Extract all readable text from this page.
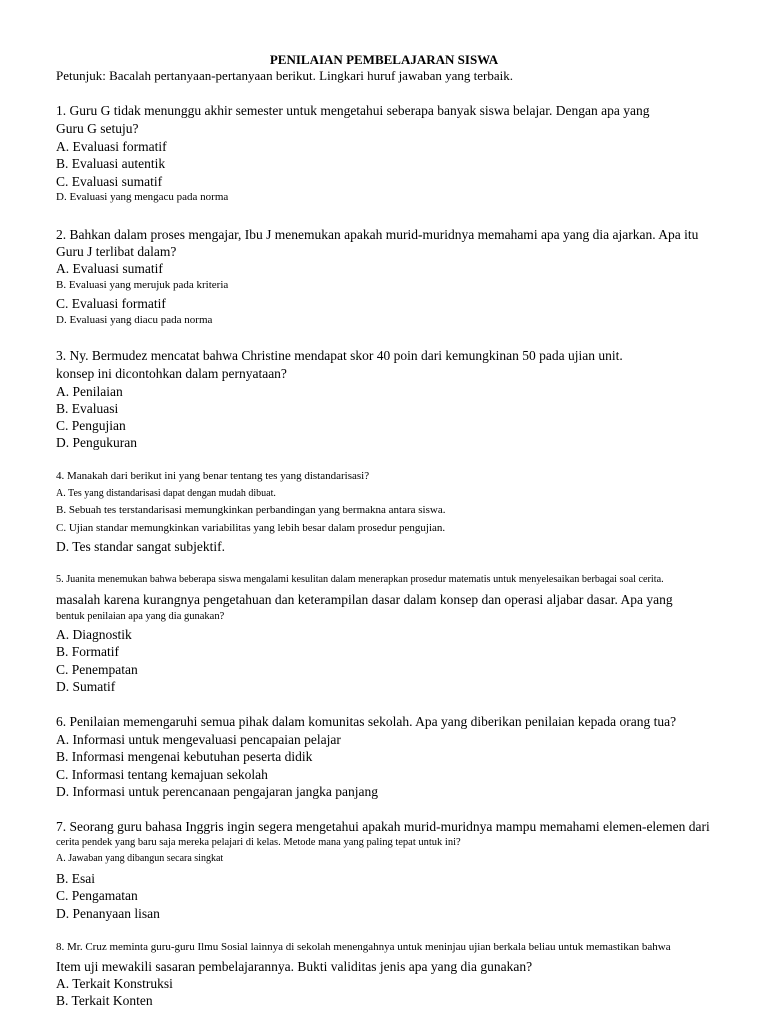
PENILAIAN PEMBELAJARAN SISWA
Petunjuk: Bacalah pertanyaan-pertanyaan berikut. Lingkari huruf jawaban yang terbaik.
1. Guru G tidak menunggu akhir semester untuk mengetahui seberapa banyak siswa belajar. Dengan apa yang
Guru G setuju?
A. Evaluasi formatif
B. Evaluasi autentik
C. Evaluasi sumatif
D. Evaluasi yang mengacu pada norma
2. Bahkan dalam proses mengajar, Ibu J menemukan apakah murid-muridnya memahami apa yang dia ajarkan. Apa itu
Guru J terlibat dalam?
A. Evaluasi sumatif
B. Evaluasi yang merujuk pada kriteria
C. Evaluasi formatif
D. Evaluasi yang diacu pada norma
3. Ny. Bermudez mencatat bahwa Christine mendapat skor 40 poin dari kemungkinan 50 pada ujian unit.
konsep ini dicontohkan dalam pernyataan?
A. Penilaian
B. Evaluasi
C. Pengujian
D. Pengukuran
4. Manakah dari berikut ini yang benar tentang tes yang distandarisasi?
A. Tes yang distandarisasi dapat dengan mudah dibuat.
B. Sebuah tes terstandarisasi memungkinkan perbandingan yang bermakna antara siswa.
C. Ujian standar memungkinkan variabilitas yang lebih besar dalam prosedur pengujian.
D. Tes standar sangat subjektif.
5. Juanita menemukan bahwa beberapa siswa mengalami kesulitan dalam menerapkan prosedur matematis untuk menyelesaikan berbagai soal cerita.
masalah karena kurangnya pengetahuan dan keterampilan dasar dalam konsep dan operasi aljabar dasar. Apa yang
bentuk penilaian apa yang dia gunakan?
A. Diagnostik
B. Formatif
C. Penempatan
D. Sumatif
6. Penilaian memengaruhi semua pihak dalam komunitas sekolah. Apa yang diberikan penilaian kepada orang tua?
A. Informasi untuk mengevaluasi pencapaian pelajar
B. Informasi mengenai kebutuhan peserta didik
C. Informasi tentang kemajuan sekolah
D. Informasi untuk perencanaan pengajaran jangka panjang
7. Seorang guru bahasa Inggris ingin segera mengetahui apakah murid-muridnya mampu memahami elemen-elemen dari
cerita pendek yang baru saja mereka pelajari di kelas. Metode mana yang paling tepat untuk ini?
A. Jawaban yang dibangun secara singkat
B. Esai
C. Pengamatan
D. Penanyaan lisan
8. Mr. Cruz meminta guru-guru Ilmu Sosial lainnya di sekolah menengahnya untuk meninjau ujian berkala beliau untuk memastikan bahwa
Item uji mewakili sasaran pembelajarannya. Bukti validitas jenis apa yang dia gunakan?
A. Terkait Konstruksi
B. Terkait Konten
